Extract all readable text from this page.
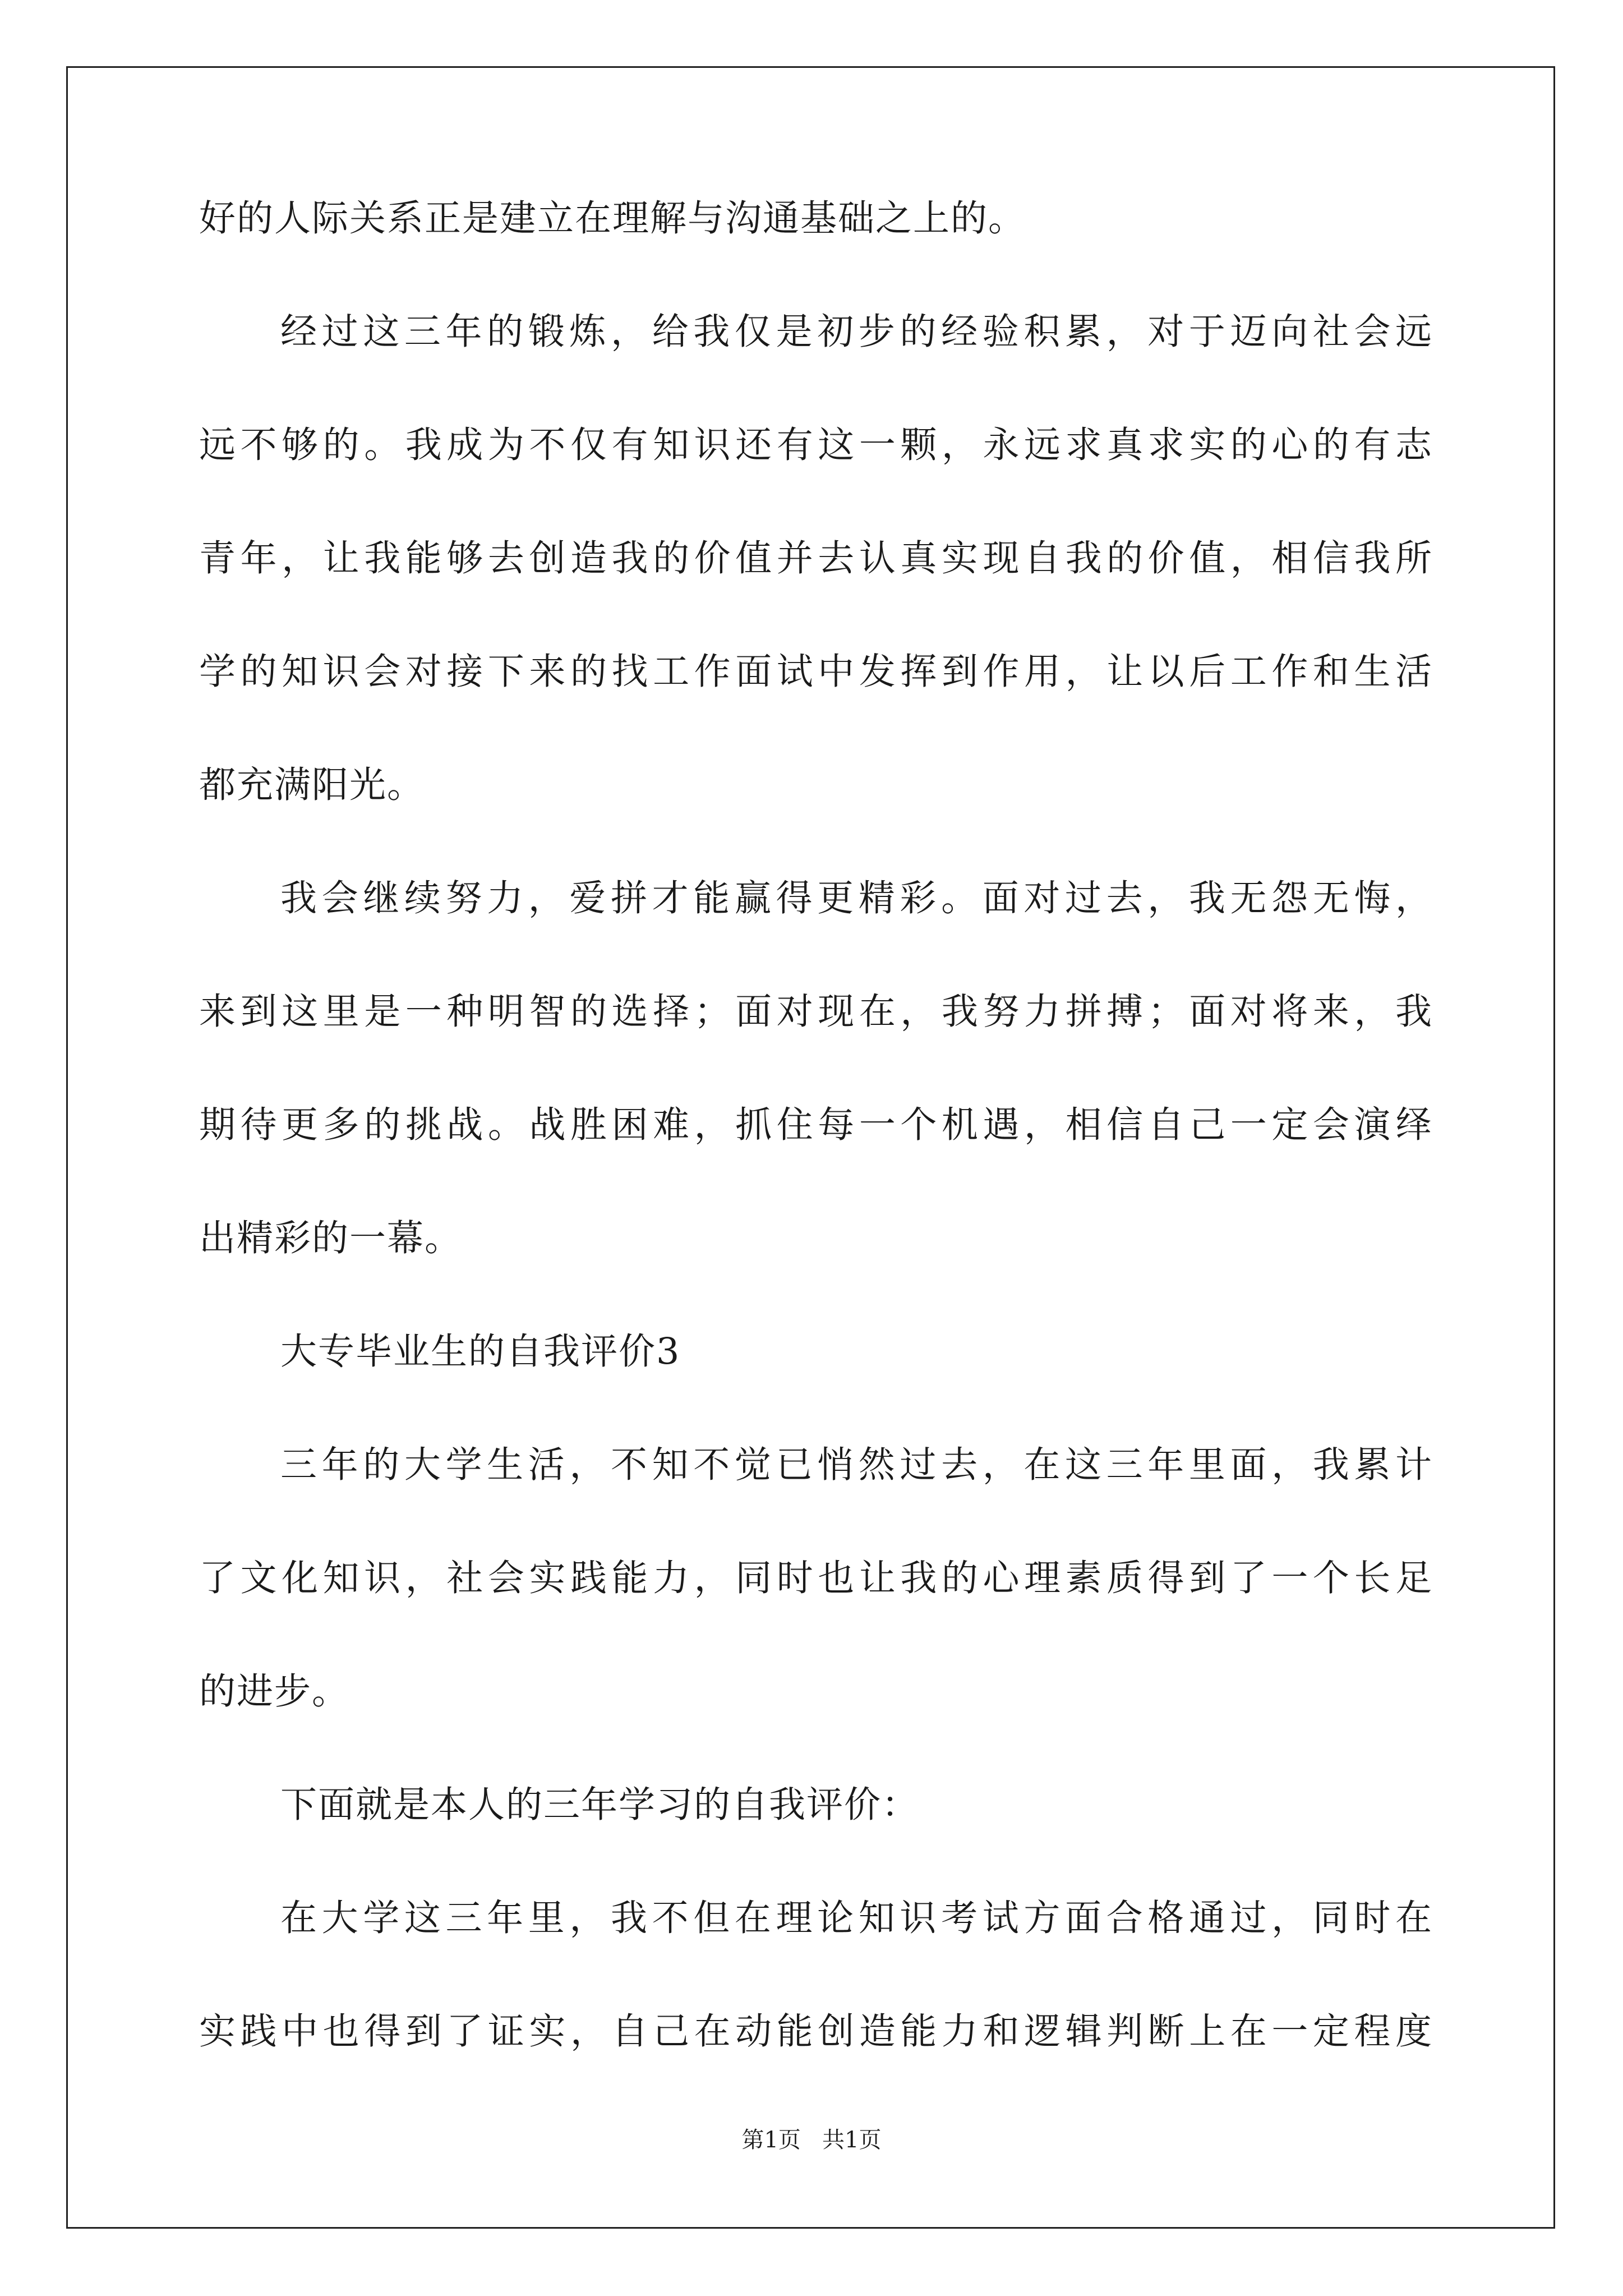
好的人际关系正是建立在理解与沟通基础之上的。
经过这三年的锻炼，给我仅是初步的经验积累，对于迈向社会远
远不够的。我成为不仅有知识还有这一颗，永远求真求实的心的有志
青年，让我能够去创造我的价值并去认真实现自我的价值，相信我所
学的知识会对接下来的找工作面试中发挥到作用，让以后工作和生活
都充满阳光。
我会继续努力，爱拼才能赢得更精彩。面对过去，我无怨无悔，
来到这里是一种明智的选择；面对现在，我努力拼搏；面对将来，我
期待更多的挑战。战胜困难，抓住每一个机遇，相信自己一定会演绎
出精彩的一幕。
大专毕业生的自我评价3
三年的大学生活，不知不觉已悄然过去，在这三年里面，我累计
了文化知识，社会实践能力，同时也让我的心理素质得到了一个长足
的进步。
下面就是本人的三年学习的自我评价：
在大学这三年里，我不但在理论知识考试方面合格通过，同时在
实践中也得到了证实，自己在动能创造能力和逻辑判断上在一定程度
第1页   共1页
